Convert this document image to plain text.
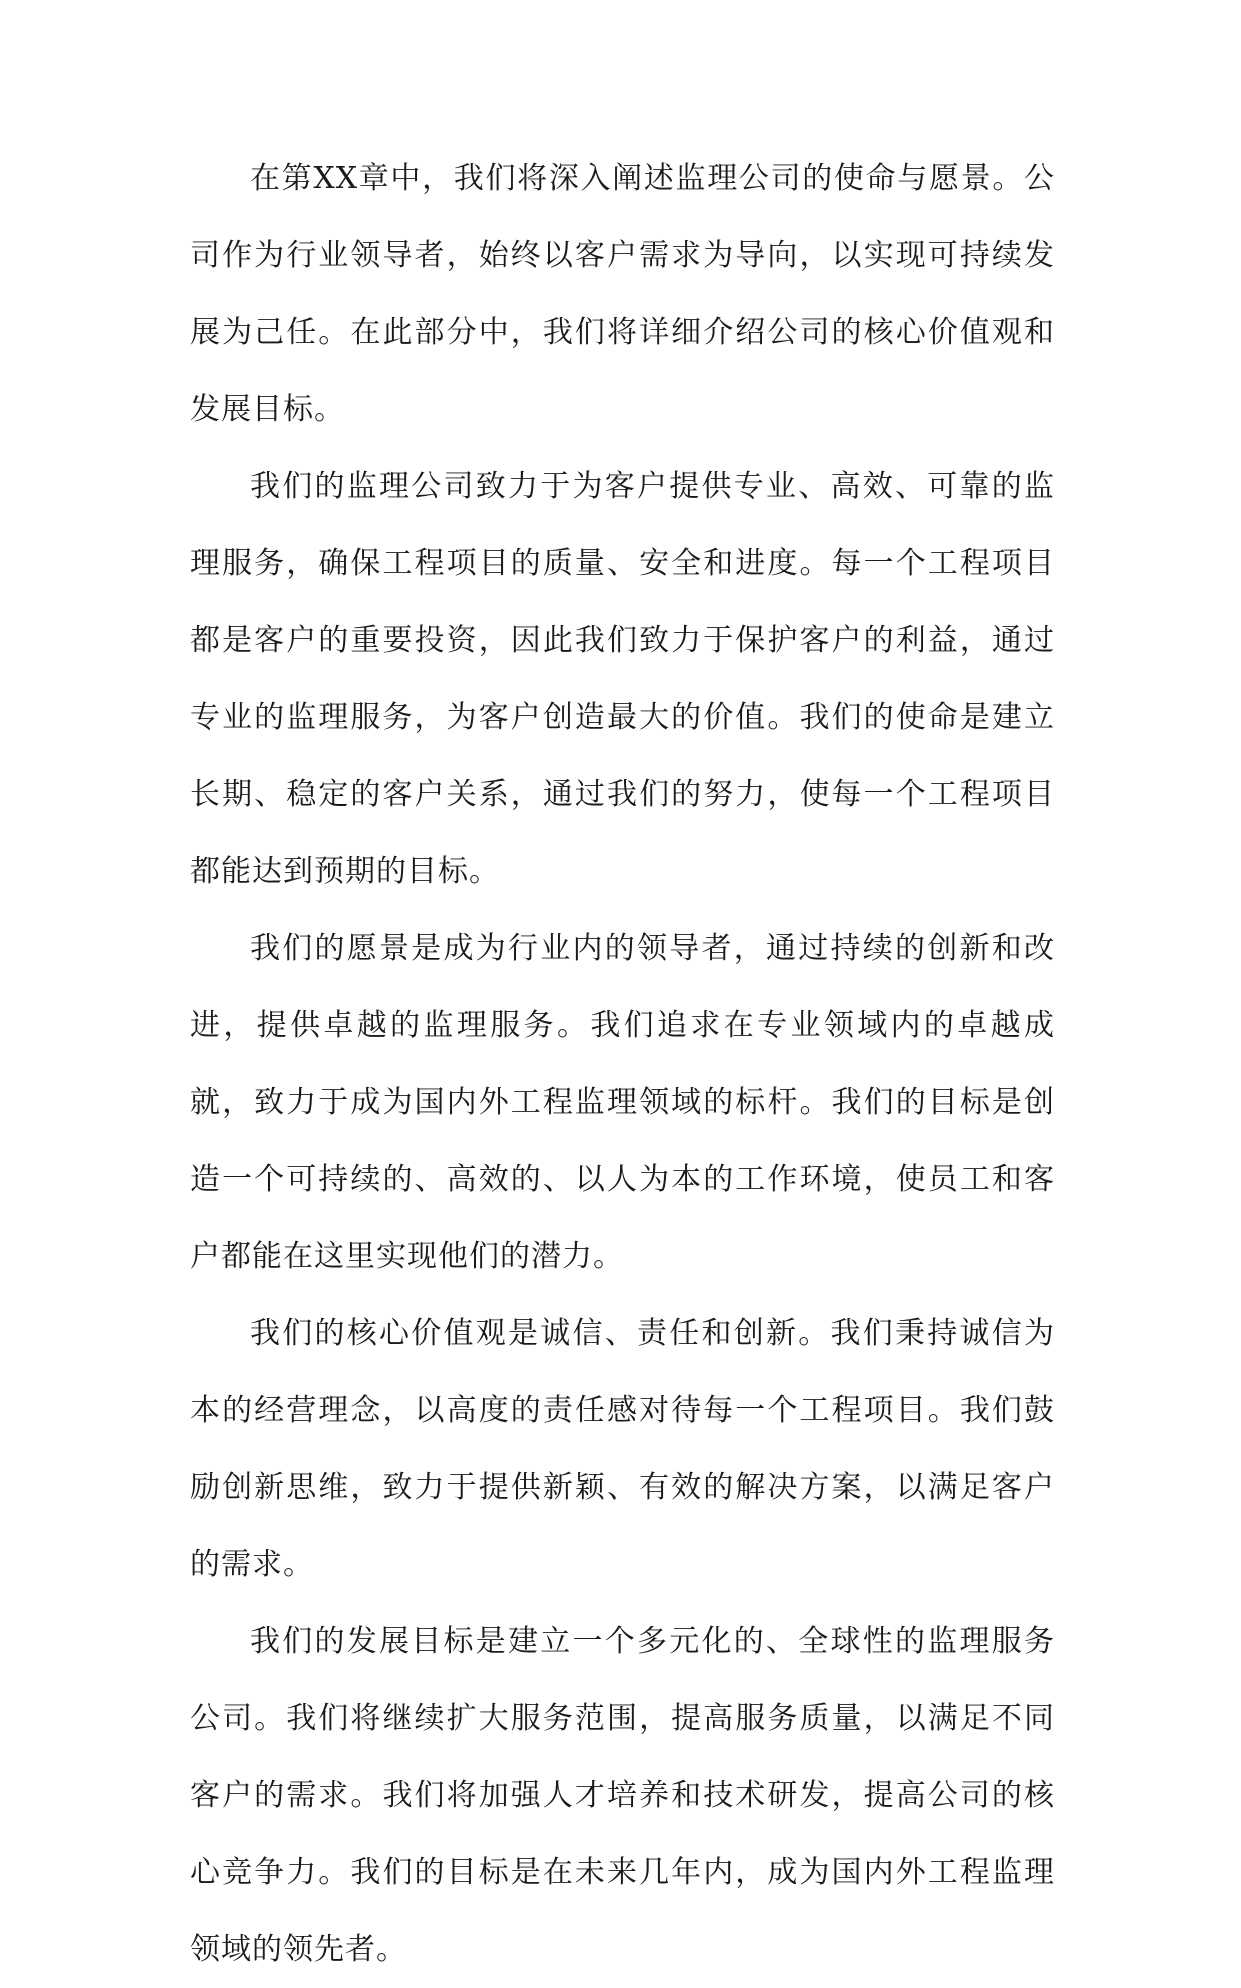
在第XX章中，我们将深入阐述监理公司的使命与愿景。公司作为行业领导者，始终以客户需求为导向，以实现可持续发展为己任。在此部分中，我们将详细介绍公司的核心价值观和发展目标。

我们的监理公司致力于为客户提供专业、高效、可靠的监理服务，确保工程项目的质量、安全和进度。每一个工程项目都是客户的重要投资，因此我们致力于保护客户的利益，通过专业的监理服务，为客户创造最大的价值。我们的使命是建立长期、稳定的客户关系，通过我们的努力，使每一个工程项目都能达到预期的目标。

我们的愿景是成为行业内的领导者，通过持续的创新和改进，提供卓越的监理服务。我们追求在专业领域内的卓越成就，致力于成为国内外工程监理领域的标杆。我们的目标是创造一个可持续的、高效的、以人为本的工作环境，使员工和客户都能在这里实现他们的潜力。

我们的核心价值观是诚信、责任和创新。我们秉持诚信为本的经营理念，以高度的责任感对待每一个工程项目。我们鼓励创新思维，致力于提供新颖、有效的解决方案，以满足客户的需求。

我们的发展目标是建立一个多元化的、全球性的监理服务公司。我们将继续扩大服务范围，提高服务质量，以满足不同客户的需求。我们将加强人才培养和技术研发，提高公司的核心竞争力。我们的目标是在未来几年内，成为国内外工程监理领域的领先者。
